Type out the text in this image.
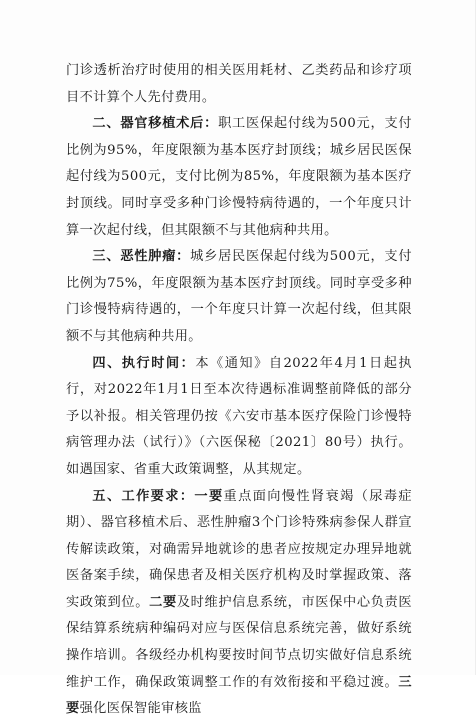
门诊透析治疗时使用的相关医用耗材、乙类药品和诊疗项目不计算个人先付费用。

二、器官移植术后：职工医保起付线为500元，支付比例为95%，年度限额为基本医疗封顶线；城乡居民医保起付线为500元，支付比例为85%，年度限额为基本医疗封顶线。同时享受多种门诊慢特病待遇的，一个年度只计算一次起付线，但其限额不与其他病种共用。

三、恶性肿瘤：城乡居民医保起付线为500元，支付比例为75%，年度限额为基本医疗封顶线。同时享受多种门诊慢特病待遇的，一个年度只计算一次起付线，但其限额不与其他病种共用。

四、执行时间：本《通知》自2022年4月1日起执行，对2022年1月1日至本次待遇标准调整前降低的部分予以补报。相关管理仍按《六安市基本医疗保险门诊慢特病管理办法（试行）》（六医保秘〔2021〕80号）执行。如遇国家、省重大政策调整，从其规定。

五、工作要求：一要重点面向慢性肾衰竭（尿毒症期）、器官移植术后、恶性肿瘤3个门诊特殊病参保人群宣传解读政策，对确需异地就诊的患者应按规定办理异地就医备案手续，确保患者及相关医疗机构及时掌握政策、落实政策到位。二要及时维护信息系统，市医保中心负责医保结算系统病种编码对应与医保信息系统完善，做好系统操作培训。各级经办机构要按时间节点切实做好信息系统维护工作，确保政策调整工作的有效衔接和平稳过渡。三要强化医保智能审核监
